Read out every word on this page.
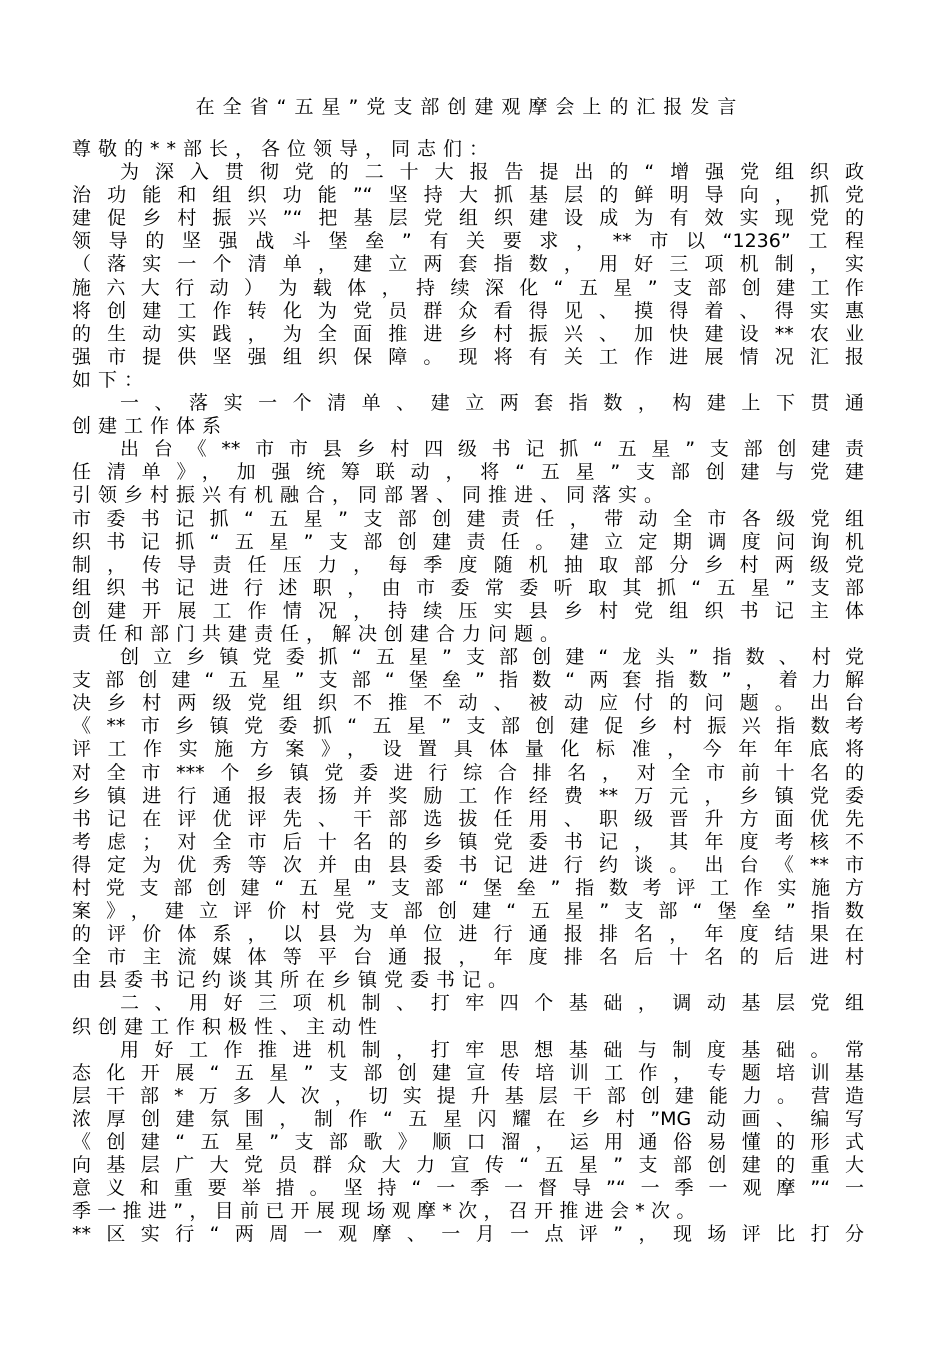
在全省“五星”党支部创建观摩会上的汇报发言
尊敬的**部长，各位领导，同志们：
为深入贯彻党的二十大报告提出的“增强党组织政
治功能和组织功能”“坚持大抓基层的鲜明导向，抓党
建促乡村振兴”“把基层党组织建设成为有效实现党的
领导的坚强战斗堡垒”有关要求，**市以“1236”工程
（落实一个清单，建立两套指数，用好三项机制，实
施六大行动）为载体，持续深化“五星”支部创建工作
将创建工作转化为党员群众看得见、摸得着、得实惠
的生动实践，为全面推进乡村振兴、加快建设**农业
强市提供坚强组织保障。现将有关工作进展情况汇报
如下：
一、落实一个清单、建立两套指数，构建上下贯通
创建工作体系
出台《**市市县乡村四级书记抓“五星”支部创建责
任清单》，加强统筹联动，将“五星”支部创建与党建
引领乡村振兴有机融合，同部署、同推进、同落实。
市委书记抓“五星”支部创建责任，带动全市各级党组
织书记抓“五星”支部创建责任。建立定期调度问询机
制，传导责任压力，每季度随机抽取部分乡村两级党
组织书记进行述职，由市委常委听取其抓“五星”支部
创建开展工作情况，持续压实县乡村党组织书记主体
责任和部门共建责任，解决创建合力问题。
创立乡镇党委抓“五星”支部创建“龙头”指数、村党
支部创建“五星”支部“堡垒”指数“两套指数”，着力解
决乡村两级党组织不推不动、被动应付的问题。出台
《**市乡镇党委抓“五星”支部创建促乡村振兴指数考
评工作实施方案》，设置具体量化标准，今年年底将
对全市***个乡镇党委进行综合排名，对全市前十名的
乡镇进行通报表扬并奖励工作经费**万元，乡镇党委
书记在评优评先、干部选拔任用、职级晋升方面优先
考虑；对全市后十名的乡镇党委书记，其年度考核不
得定为优秀等次并由县委书记进行约谈。出台《**市
村党支部创建“五星”支部“堡垒”指数考评工作实施方
案》，建立评价村党支部创建“五星”支部“堡垒”指数
的评价体系，以县为单位进行通报排名，年度结果在
全市主流媒体等平台通报，年度排名后十名的后进村
由县委书记约谈其所在乡镇党委书记。
二、用好三项机制、打牢四个基础，调动基层党组
织创建工作积极性、主动性
用好工作推进机制，打牢思想基础与制度基础。常
态化开展“五星”支部创建宣传培训工作，专题培训基
层干部*万多人次，切实提升基层干部创建能力。营造
浓厚创建氛围，制作“五星闪耀在乡村”MG动画、编写
《创建“五星”支部歌》顺口溜，运用通俗易懂的形式
向基层广大党员群众大力宣传“五星”支部创建的重大
意义和重要举措。坚持“一季一督导”“一季一观摩”“一
季一推进”，目前已开展现场观摩*次，召开推进会*次。
**区实行“两周一观摩、一月一点评”，现场评比打分
